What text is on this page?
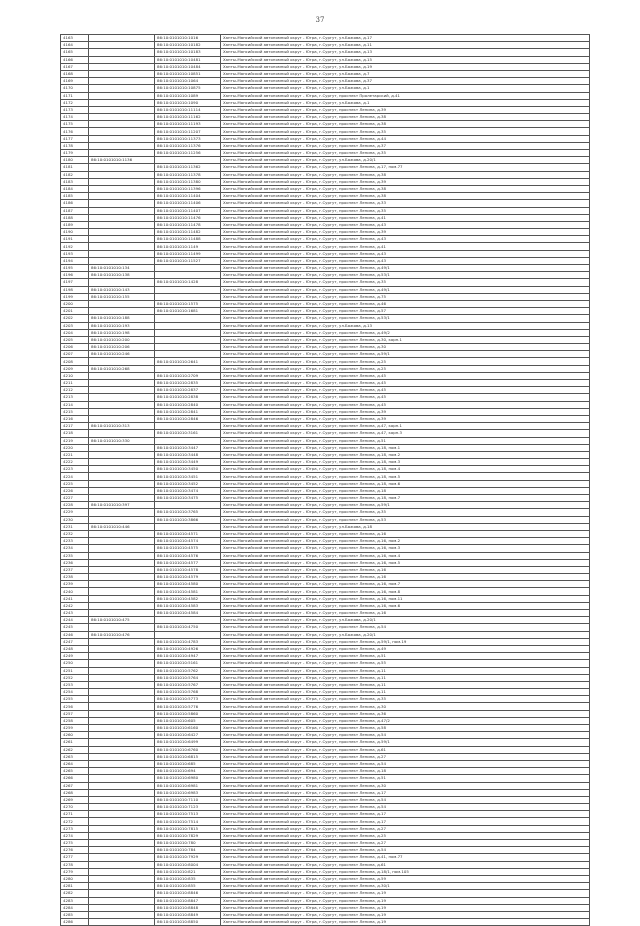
37
4163		86:10:0101010:1016	Ханты-Мансийский автономный округ - Югра, г.Сургут, ул.Бажова, д.17
4164		86:10:0101010:10182	Ханты-Мансийский автономный округ - Югра, г.Сургут, ул.Бажова, д.11
4165		86:10:0101010:10183	Ханты-Мансийский автономный округ - Югра, г.Сургут, ул.Бажова, д.13
4166		86:10:0101010:10481	Ханты-Мансийский автономный округ - Югра, г.Сургут, ул.Бажова, д.15
4167		86:10:0101010:10484	Ханты-Мансийский автономный округ - Югра, г.Сургут, ул.Бажова, д.19
4168		86:10:0101010:10851	Ханты-Мансийский автономный округ - Югра, г.Сургут, ул.Бажова, д.7
4169		86:10:0101010:1064	Ханты-Мансийский автономный округ - Югра, г.Сургут, ул.Бажова, д.37
4170		86:10:0101010:10875	Ханты-Мансийский автономный округ - Югра, г.Сургут, ул.Бажова, д.1
4171		86:10:0101010:1089	Ханты-Мансийский автономный округ - Югра, г.Сургут, проспект Пролетарский, д.41
4172		86:10:0101010:1090	Ханты-Мансийский автономный округ - Югра, г.Сургут, ул.Бажова, д.1
4173		86:10:0101010:11114	Ханты-Мансийский автономный округ - Югра, г.Сургут, проспект Ленина, д.39
4174		86:10:0101010:11162	Ханты-Мансийский автономный округ - Югра, г.Сургут, проспект Ленина, д.38
4175		86:10:0101010:11193	Ханты-Мансийский автономный округ - Югра, г.Сургут, проспект Ленина, д.38
4176		86:10:0101010:11207	Ханты-Мансийский автономный округ - Югра, г.Сургут, проспект Ленина, д.35
4177		86:10:0101010:11373	Ханты-Мансийский автономный округ - Югра, г.Сургут, проспект Ленина, д.44
4178		86:10:0101010:11376	Ханты-Мансийский автономный округ - Югра, г.Сургут, проспект Ленина, д.37
4179		86:10:0101010:11256	Ханты-Мансийский автономный округ - Югра, г.Сургут, проспект Ленина, д.35
4180	86:10:0101010:1136		Ханты-Мансийский автономный округ - Югра, г.Сургут, ул.Бажова, д.20/1
4181		86:10:0101010:11362	Ханты-Мансийский автономный округ - Югра, г.Сургут, проспект Ленина, д.17, пом.77
4182		86:10:0101010:11378	Ханты-Мансийский автономный округ - Югра, г.Сургут, проспект Ленина, д.38
4183		86:10:0101010:11380	Ханты-Мансийский автономный округ - Югра, г.Сургут, проспект Ленина, д.39
4184		86:10:0101010:11396	Ханты-Мансийский автономный округ - Югра, г.Сургут, проспект Ленина, д.38
4185		86:10:0101010:11404	Ханты-Мансийский автономный округ - Югра, г.Сургут, проспект Ленина, д.38
4186		86:10:0101010:11406	Ханты-Мансийский автономный округ - Югра, г.Сургут, проспект Ленина, д.33
4187		86:10:0101010:11407	Ханты-Мансийский автономный округ - Югра, г.Сургут, проспект Ленина, д.35
4188		86:10:0101010:11476	Ханты-Мансийский автономный округ - Югра, г.Сургут, проспект Ленина, д.41
4189		86:10:0101010:11478	Ханты-Мансийский автономный округ - Югра, г.Сургут, проспект Ленина, д.43
4190		86:10:0101010:11482	Ханты-Мансийский автономный округ - Югра, г.Сургут, проспект Ленина, д.39
4191		86:10:0101010:11488	Ханты-Мансийский автономный округ - Югра, г.Сургут, проспект Ленина, д.43
4192		86:10:0101010:1149	Ханты-Мансийский автономный округ - Югра, г.Сургут, проспект Ленина, д.41
4193		86:10:0101010:11499	Ханты-Мансийский автономный округ - Югра, г.Сургут, проспект Ленина, д.43
4194		86:10:0101010:11527	Ханты-Мансийский автономный округ - Югра, г.Сургут, проспект Ленина, д.43
4195	86:10:0101010:134		Ханты-Мансийский автономный округ - Югра, г.Сургут, проспект Ленина, д.49/1
4196	86:10:0101010:138		Ханты-Мансийский автономный округ - Югра, г.Сургут, проспект Ленина, д.53/1
4197		86:10:0101010:1428	Ханты-Мансийский автономный округ - Югра, г.Сургут, проспект Ленина, д.35
4198	86:10:0101010:143		Ханты-Мансийский автономный округ - Югра, г.Сургут, проспект Ленина, д.49/1
4199	86:10:0101010:155		Ханты-Мансийский автономный округ - Югра, г.Сургут, проспект Ленина, д.75
4200		86:10:0101010:1575	Ханты-Мансийский автономный округ - Югра, г.Сургут, проспект Ленина, д.46
4201		86:10:0101010:1681	Ханты-Мансийский автономный округ - Югра, г.Сургут, проспект Ленина, д.57
4202	86:10:0101010:188		Ханты-Мансийский автономный округ - Югра, г.Сургут, проспект Ленина, д.53/1
4203	86:10:0101010:193		Ханты-Мансийский автономный округ - Югра, г.Сургут, ул.Бажова, д.13
4204	86:10:0101010:198		Ханты-Мансийский автономный округ - Югра, г.Сургут, проспект Ленина, д.49/2
4205	86:10:0101010:200		Ханты-Мансийский автономный округ - Югра, г.Сургут, проспект Ленина, д.30, корп.1
4206	86:10:0101010:206		Ханты-Мансийский автономный округ - Югра, г.Сургут, проспект Ленина, д.30
4207	86:10:0101010:246		Ханты-Мансийский автономный округ - Югра, г.Сургут, проспект Ленина, д.59/1
4208		86:10:0101010:2641	Ханты-Мансийский автономный округ - Югра, г.Сургут, проспект Ленина, д.25
4209	86:10:0101010:268		Ханты-Мансийский автономный округ - Югра, г.Сургут, проспект Ленина, д.25
4210		86:10:0101010:2709	Ханты-Мансийский автономный округ - Югра, г.Сургут, проспект Ленина, д.45
4211		86:10:0101010:2835	Ханты-Мансийский автономный округ - Югра, г.Сургут, проспект Ленина, д.45
4212		86:10:0101010:2837	Ханты-Мансийский автономный округ - Югра, г.Сургут, проспект Ленина, д.45
4213		86:10:0101010:2838	Ханты-Мансийский автономный округ - Югра, г.Сургут, проспект Ленина, д.45
4214		86:10:0101010:2840	Ханты-Мансийский автономный округ - Югра, г.Сургут, проспект Ленина, д.45
4215		86:10:0101010:2841	Ханты-Мансийский автономный округ - Югра, г.Сургут, проспект Ленина, д.39
4216		86:10:0101010:2846	Ханты-Мансийский автономный округ - Югра, г.Сургут, проспект Ленина, д.39
4217	86:10:0101010:313		Ханты-Мансийский автономный округ - Югра, г.Сургут, проспект Ленина, д.47, корп.1
4218		86:10:0101010:3161	Ханты-Мансийский автономный округ - Югра, г.Сургут, проспект Ленина, д.47, корп.3
4219	86:10:0101010:330		Ханты-Мансийский автономный округ - Югра, г.Сургут, проспект Ленина, д.51
4220		86:10:0101010:3447	Ханты-Мансийский автономный округ - Югра, г.Сургут, проспект Ленина, д.18, пом.1
4221		86:10:0101010:3448	Ханты-Мансийский автономный округ - Югра, г.Сургут, проспект Ленина, д.18, пом.2
4222		86:10:0101010:3449	Ханты-Мансийский автономный округ - Югра, г.Сургут, проспект Ленина, д.18, пом.3
4223		86:10:0101010:3450	Ханты-Мансийский автономный округ - Югра, г.Сургут, проспект Ленина, д.18, пом.4
4224		86:10:0101010:3451	Ханты-Мансийский автономный округ - Югра, г.Сургут, проспект Ленина, д.18, пом.5
4225		86:10:0101010:3452	Ханты-Мансийский автономный округ - Югра, г.Сургут, проспект Ленина, д.18, пом.6
4226		86:10:0101010:3474	Ханты-Мансийский автономный округ - Югра, г.Сургут, проспект Ленина, д.18
4227		86:10:0101010:3475	Ханты-Мансийский автономный округ - Югра, г.Сургут, проспект Ленина, д.18, пом.7
4228	86:10:0101010:397		Ханты-Мансийский автономный округ - Югра, г.Сургут, проспект Ленина, д.59/1
4229		86:10:0101010:3765	Ханты-Мансийский автономный округ - Югра, г.Сургут, проспект Ленина, д.35
4230		86:10:0101010:3866	Ханты-Мансийский автономный округ - Югра, г.Сургут, проспект Ленина, д.53
4231	86:10:0101010:446		Ханты-Мансийский автономный округ - Югра, г.Сургут, ул.Бажова, д.18
4232		86:10:0101010:4571	Ханты-Мансийский автономный округ - Югра, г.Сургут, проспект Ленина, д.16
4233		86:10:0101010:4574	Ханты-Мансийский автономный округ - Югра, г.Сургут, проспект Ленина, д.16, пом.2
4234		86:10:0101010:4575	Ханты-Мансийский автономный округ - Югра, г.Сургут, проспект Ленина, д.16, пом.3
4235		86:10:0101010:4576	Ханты-Мансийский автономный округ - Югра, г.Сургут, проспект Ленина, д.16, пом.4
4236		86:10:0101010:4577	Ханты-Мансийский автономный округ - Югра, г.Сургут, проспект Ленина, д.16, пом.5
4237		86:10:0101010:4578	Ханты-Мансийский автономный округ - Югра, г.Сургут, проспект Ленина, д.16
4238		86:10:0101010:4579	Ханты-Мансийский автономный округ - Югра, г.Сургут, проспект Ленина, д.16
4239		86:10:0101010:4580	Ханты-Мансийский автономный округ - Югра, г.Сургут, проспект Ленина, д.16, пом.7
4240		86:10:0101010:4581	Ханты-Мансийский автономный округ - Югра, г.Сургут, проспект Ленина, д.16, пом.8
4241		86:10:0101010:4582	Ханты-Мансийский автономный округ - Югра, г.Сургут, проспект Ленина, д.16, пом.11
4242		86:10:0101010:4583	Ханты-Мансийский автономный округ - Югра, г.Сургут, проспект Ленина, д.16, пом.6
4243		86:10:0101010:4584	Ханты-Мансийский автономный округ - Югра, г.Сургут, проспект Ленина, д.16
4244	86:10:0101010:475		Ханты-Мансийский автономный округ - Югра, г.Сургут, ул.Бажова, д.20/1
4245		86:10:0101010:4750	Ханты-Мансийский автономный округ - Югра, г.Сургут, проспект Ленина, д.54
4246	86:10:0101010:476		Ханты-Мансийский автономный округ - Югра, г.Сургут, ул.Бажова, д.20/1
4247		86:10:0101010:4783	Ханты-Мансийский автономный округ - Югра, г.Сургут, проспект Ленина, д.59/1, пом.19
4248		86:10:0101010:4926	Ханты-Мансийский автономный округ - Югра, г.Сургут, проспект Ленина, д.49
4249		86:10:0101010:4947	Ханты-Мансийский автономный округ - Югра, г.Сургут, проспект Ленина, д.51
4250		86:10:0101010:5161	Ханты-Мансийский автономный округ - Югра, г.Сургут, проспект Ленина, д.55
4251		86:10:0101010:5762	Ханты-Мансийский автономный округ - Югра, г.Сургут, проспект Ленина, д.11
4252		86:10:0101010:5764	Ханты-Мансийский автономный округ - Югра, г.Сургут, проспект Ленина, д.11
4253		86:10:0101010:5767	Ханты-Мансийский автономный округ - Югра, г.Сургут, проспект Ленина, д.11
4254		86:10:0101010:5768	Ханты-Мансийский автономный округ - Югра, г.Сургут, проспект Ленина, д.11
4255		86:10:0101010:5773	Ханты-Мансийский автономный округ - Югра, г.Сургут, проспект Ленина, д.35
4256		86:10:0101010:5776	Ханты-Мансийский автономный округ - Югра, г.Сургут, проспект Ленина, д.30
4257		86:10:0101010:5860	Ханты-Мансийский автономный округ - Югра, г.Сургут, проспект Ленина, д.36
4258		86:10:0101010:605	Ханты-Мансийский автономный округ - Югра, г.Сургут, проспект Ленина, д.47/2
4259		86:10:0101010:6160	Ханты-Мансийский автономный округ - Югра, г.Сургут, проспект Ленина, д.58
4260		86:10:0101010:6427	Ханты-Мансийский автономный округ - Югра, г.Сургут, проспект Ленина, д.54
4261		86:10:0101010:6499	Ханты-Мансийский автономный округ - Югра, г.Сургут, проспект Ленина, д.59/1
4262		86:10:0101010:6760	Ханты-Мансийский автономный округ - Югра, г.Сургут, проспект Ленина, д.61
4263		86:10:0101010:6815	Ханты-Мансийский автономный округ - Югра, г.Сургут, проспект Ленина, д.27
4264		86:10:0101010:685	Ханты-Мансийский автономный округ - Югра, г.Сургут, проспект Ленина, д.54
4265		86:10:0101010:694	Ханты-Мансийский автономный округ - Югра, г.Сургут, проспект Ленина, д.18
4266		86:10:0101010:6980	Ханты-Мансийский автономный округ - Югра, г.Сургут, проспект Ленина, д.51
4267		86:10:0101010:6981	Ханты-Мансийский автономный округ - Югра, г.Сургут, проспект Ленина, д.30
4268		86:10:0101010:6983	Ханты-Мансийский автономный округ - Югра, г.Сургут, проспект Ленина, д.17
4269		86:10:0101010:7110	Ханты-Мансийский автономный округ - Югра, г.Сургут, проспект Ленина, д.54
4270		86:10:0101010:7123	Ханты-Мансийский автономный округ - Югра, г.Сургут, проспект Ленина, д.54
4271		86:10:0101010:7513	Ханты-Мансийский автономный округ - Югра, г.Сургут, проспект Ленина, д.17
4272		86:10:0101010:7514	Ханты-Мансийский автономный округ - Югра, г.Сургут, проспект Ленина, д.17
4273		86:10:0101010:7815	Ханты-Мансийский автономный округ - Югра, г.Сургут, проспект Ленина, д.27
4274		86:10:0101010:7829	Ханты-Мансийский автономный округ - Югра, г.Сургут, проспект Ленина, д.25
4275		86:10:0101010:780	Ханты-Мансийский автономный округ - Югра, г.Сургут, проспект Ленина, д.27
4276		86:10:0101010:784	Ханты-Мансийский автономный округ - Югра, г.Сургут, проспект Ленина, д.54
4277		86:10:0101010:7929	Ханты-Мансийский автономный округ - Югра, г.Сургут, проспект Ленина, д.41, пом.77
4278		86:10:0101010:8004	Ханты-Мансийский автономный округ - Югра, г.Сургут, проспект Ленина, д.61
4279		86:10:0101010:821	Ханты-Мансийский автономный округ - Югра, г.Сургут, проспект Ленина, д.18/1, пом.105
4280		86:10:0101010:835	Ханты-Мансийский автономный округ - Югра, г.Сургут, проспект Ленина, д.59
4281		86:10:0101010:855	Ханты-Мансийский автономный округ - Югра, г.Сургут, проспект Ленина, д.30/1
4282		86:10:0101010:8846	Ханты-Мансийский автономный округ - Югра, г.Сургут, проспект Ленина, д.19
4283		86:10:0101010:8847	Ханты-Мансийский автономный округ - Югра, г.Сургут, проспект Ленина, д.19
4284		86:10:0101010:8848	Ханты-Мансийский автономный округ - Югра, г.Сургут, проспект Ленина, д.19
4285		86:10:0101010:8849	Ханты-Мансийский автономный округ - Югра, г.Сургут, проспект Ленина, д.19
4286		86:10:0101010:8850	Ханты-Мансийский автономный округ - Югра, г.Сургут, проспект Ленина, д.19
